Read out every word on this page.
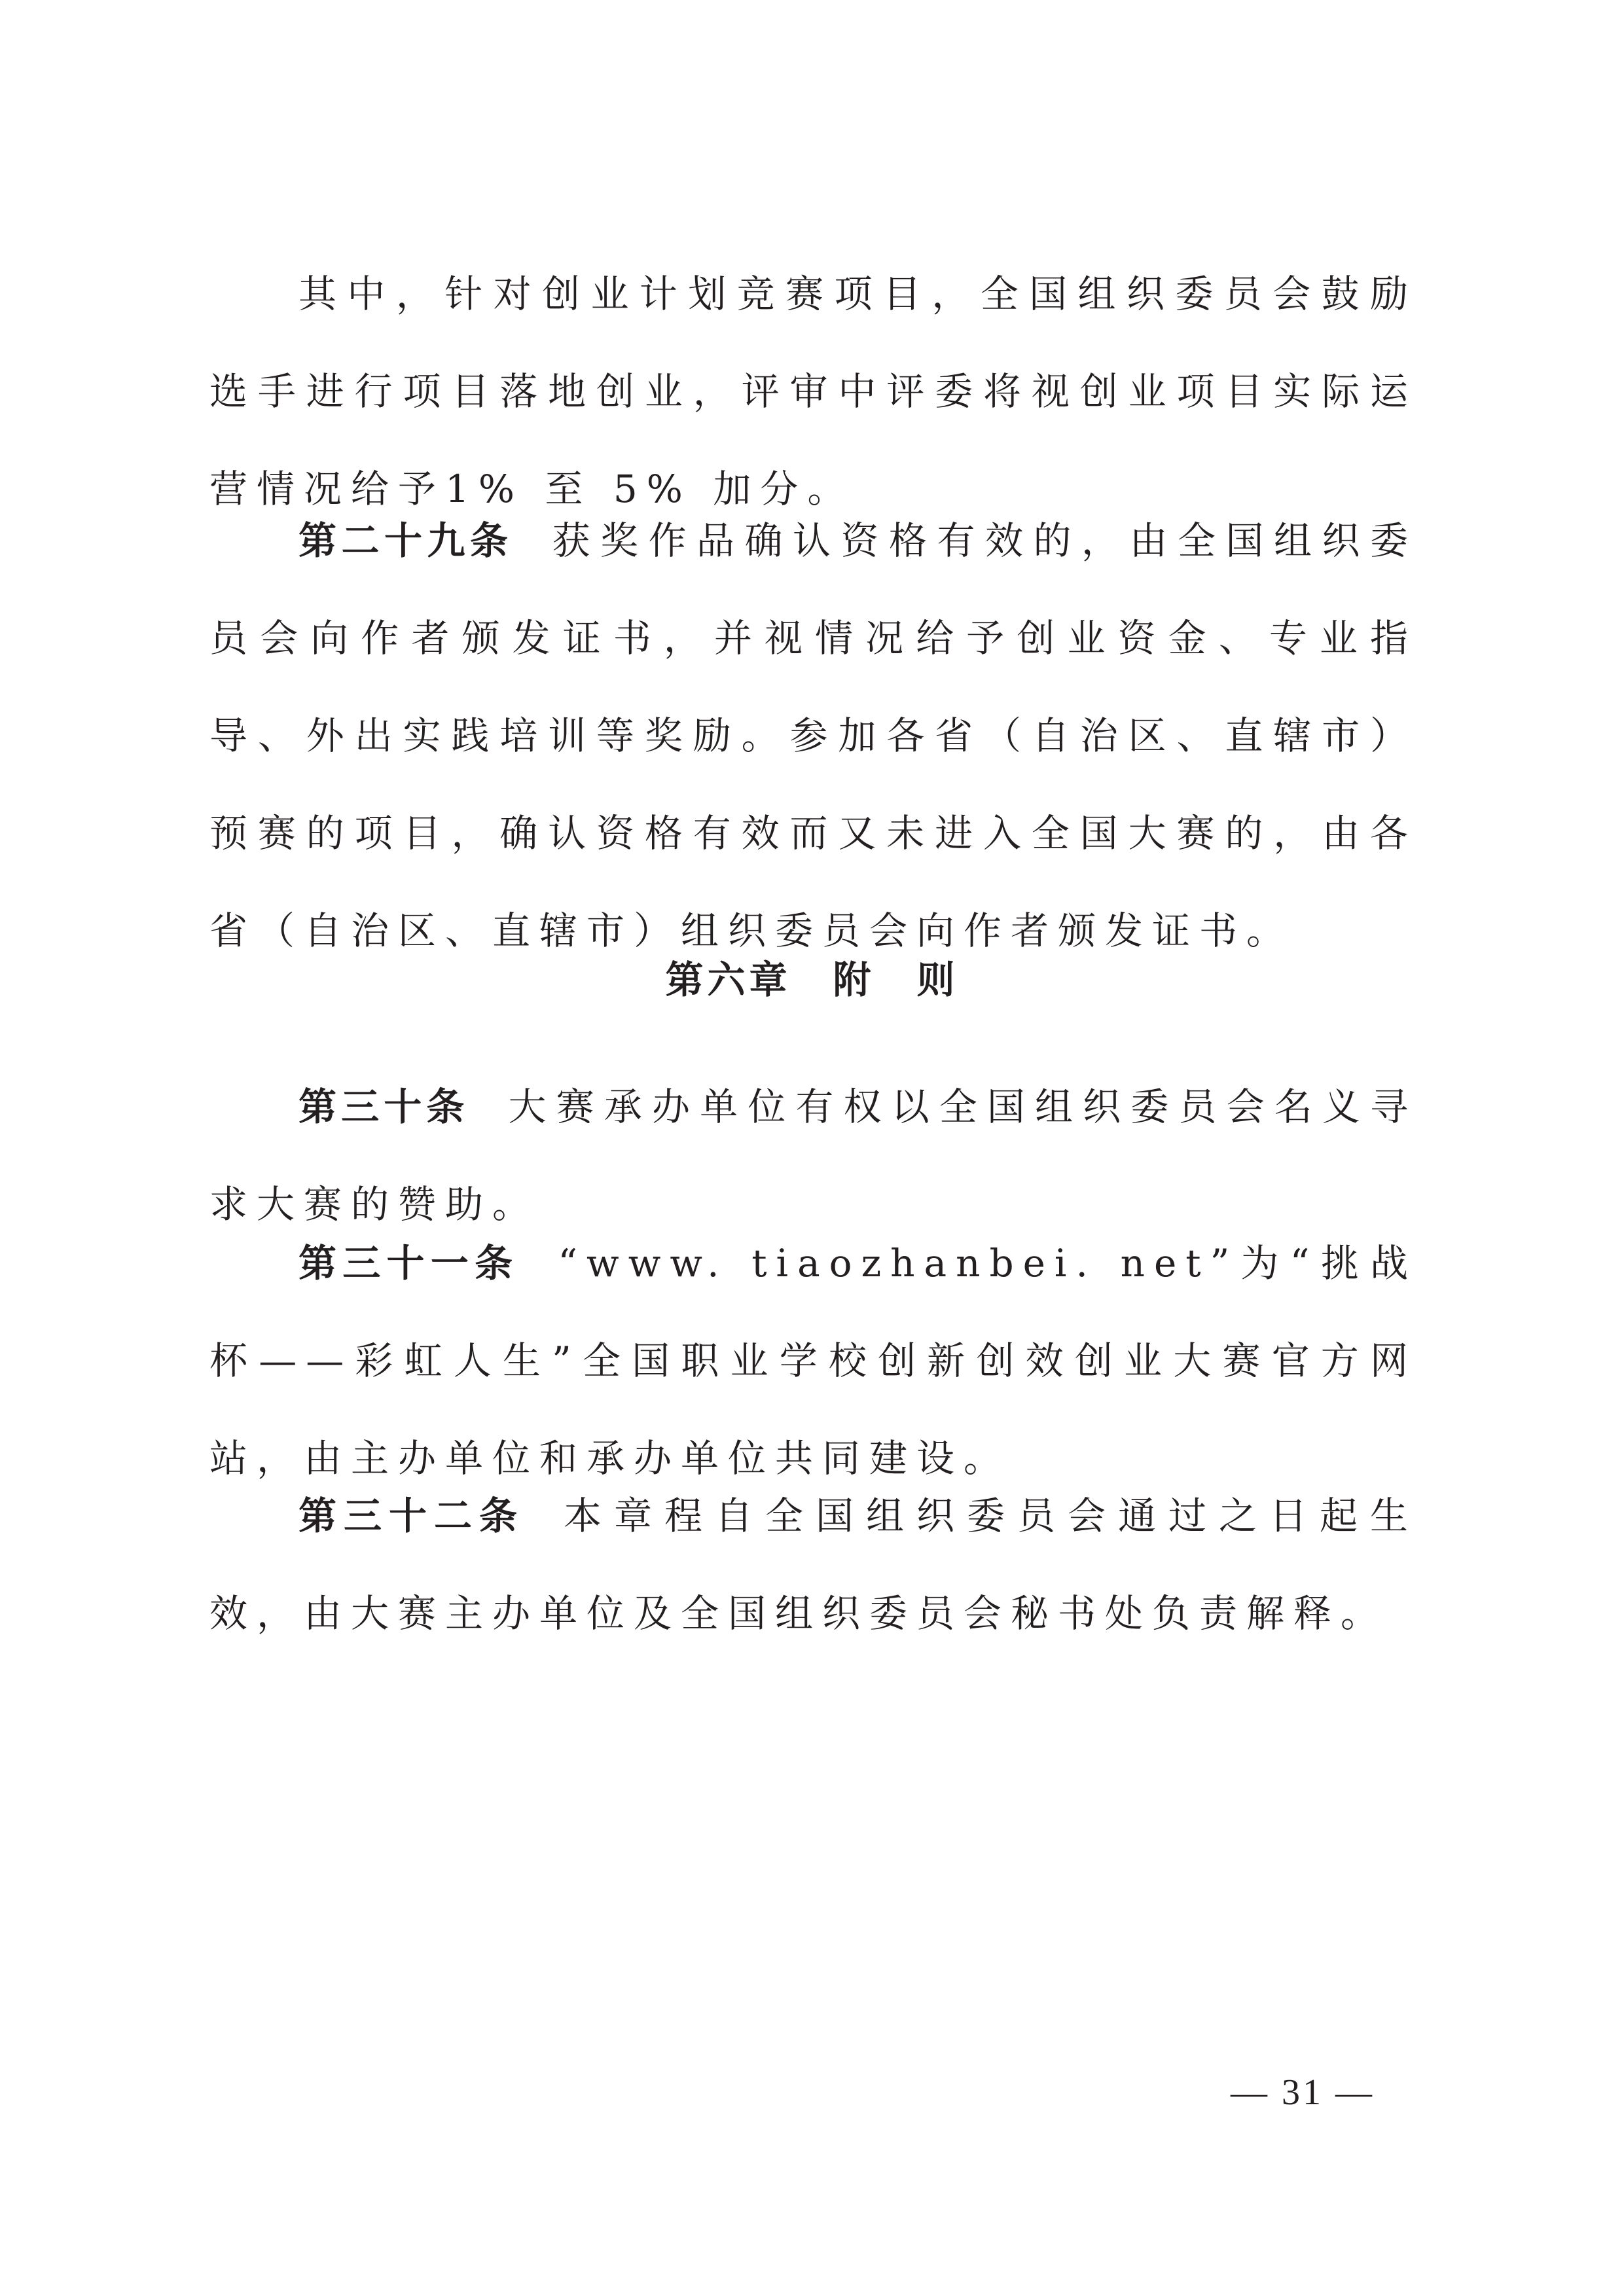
其中，针对创业计划竞赛项目，全国组织委员会鼓励选手进行项目落地创业，评审中评委将视创业项目实际运营情况给予1% 至 5% 加分。

第二十九条 获奖作品确认资格有效的，由全国组织委员会向作者颁发证书，并视情况给予创业资金、专业指导、外出实践培训等奖励。参加各省（自治区、直辖市）预赛的项目，确认资格有效而又未进入全国大赛的，由各省（自治区、直辖市）组织委员会向作者颁发证书。

第六章　附　则

第三十条 大赛承办单位有权以全国组织委员会名义寻求大赛的赞助。

第三十一条 “www. tiaozhanbei. net”为“挑战杯——彩虹人生”全国职业学校创新创效创业大赛官方网站，由主办单位和承办单位共同建设。

第三十二条 本章程自全国组织委员会通过之日起生效，由大赛主办单位及全国组织委员会秘书处负责解释。

— 31 —
